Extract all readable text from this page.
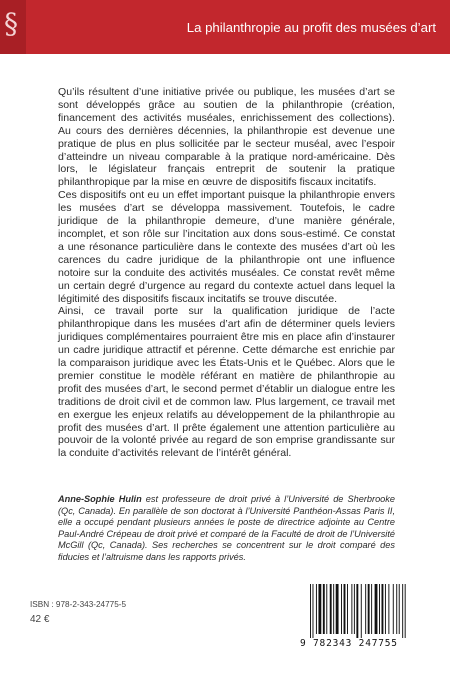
§	La philanthropie au profit des musées d’art

Qu’ils résultent d’une initiative privée ou publique, les musées d’art se sont développés grâce au soutien de la philanthropie (création, financement des activités muséales, enrichissement des collections). Au cours des dernières décennies, la philanthropie est devenue une pratique de plus en plus sollicitée par le secteur muséal, avec l’espoir d’atteindre un niveau comparable à la pratique nord-américaine. Dès lors, le législateur français entreprit de soutenir la pratique philanthropique par la mise en œuvre de dispositifs fiscaux incitatifs.

Ces dispositifs ont eu un effet important puisque la philanthropie envers les musées d’art se développa massivement. Toutefois, le cadre juridique de la philanthropie demeure, d’une manière générale, incomplet, et son rôle sur l’incitation aux dons sous-estimé. Ce constat a une résonance particulière dans le contexte des musées d’art où les carences du cadre juridique de la philanthropie ont une influence notoire sur la conduite des activités muséales. Ce constat revêt même un certain degré d’urgence au regard du contexte actuel dans lequel la légitimité des dispositifs fiscaux incitatifs se trouve discutée.

Ainsi, ce travail porte sur la qualification juridique de l’acte philanthropique dans les musées d’art afin de déterminer quels leviers juridiques complémentaires pourraient être mis en place afin d’instaurer un cadre juridique attractif et pérenne. Cette démarche est enrichie par la comparaison juridique avec les États-Unis et le Québec. Alors que le premier constitue le modèle référant en matière de philanthropie au profit des musées d’art, le second permet d’établir un dialogue entre les traditions de droit civil et de common law. Plus largement, ce travail met en exergue les enjeux relatifs au développement de la philanthropie au profit des musées d’art. Il prête également une attention particulière au pouvoir de la volonté privée au regard de son emprise grandissante sur la conduite d’activités relevant de l’intérêt général.

Anne-Sophie Hulin est professeure de droit privé à l’Université de Sherbrooke (Qc, Canada). En parallèle de son doctorat à l’Université Panthéon-Assas Paris II, elle a occupé pendant plusieurs années le poste de directrice adjointe au Centre Paul-André Crépeau de droit privé et comparé de la Faculté de droit de l’Université McGill (Qc, Canada). Ses recherches se concentrent sur le droit comparé des fiducies et l’altruisme dans les rapports privés.

ISBN : 978-2-343-24775-5
42 €
9 782343 247755
